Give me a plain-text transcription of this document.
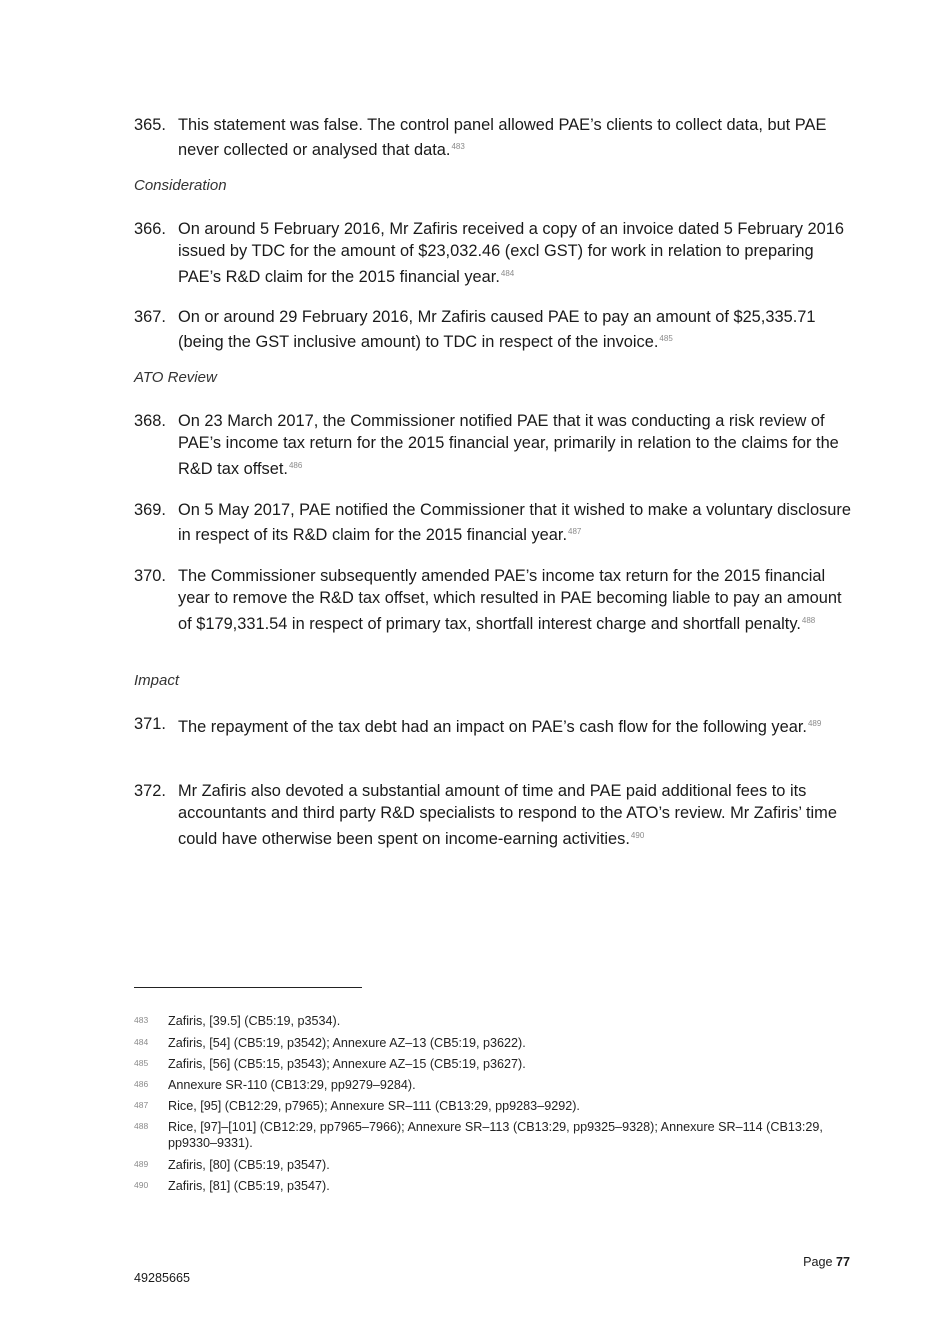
365. This statement was false. The control panel allowed PAE’s clients to collect data, but PAE never collected or analysed that data.$^{483}$
Consideration
366. On around 5 February 2016, Mr Zafiris received a copy of an invoice dated 5 February 2016 issued by TDC for the amount of $23,032.46 (excl GST) for work in relation to preparing PAE’s R&D claim for the 2015 financial year.$^{484}$
367. On or around 29 February 2016, Mr Zafiris caused PAE to pay an amount of $25,335.71 (being the GST inclusive amount) to TDC in respect of the invoice.$^{485}$
ATO Review
368. On 23 March 2017, the Commissioner notified PAE that it was conducting a risk review of PAE’s income tax return for the 2015 financial year, primarily in relation to the claims for the R&D tax offset.$^{486}$
369. On 5 May 2017, PAE notified the Commissioner that it wished to make a voluntary disclosure in respect of its R&D claim for the 2015 financial year.$^{487}$
370. The Commissioner subsequently amended PAE’s income tax return for the 2015 financial year to remove the R&D tax offset, which resulted in PAE becoming liable to pay an amount of $179,331.54 in respect of primary tax, shortfall interest charge and shortfall penalty.$^{488}$
Impact
371. The repayment of the tax debt had an impact on PAE’s cash flow for the following year.$^{489}$
372. Mr Zafiris also devoted a substantial amount of time and PAE paid additional fees to its accountants and third party R&D specialists to respond to the ATO’s review. Mr Zafiris’ time could have otherwise been spent on income-earning activities.$^{490}$
483 Zafiris, [39.5] (CB5:19, p3534).
484 Zafiris, [54] (CB5:19, p3542); Annexure AZ–13 (CB5:19, p3622).
485 Zafiris, [56] (CB5:15, p3543); Annexure AZ–15 (CB5:19, p3627).
486 Annexure SR-110 (CB13:29, pp9279–9284).
487 Rice, [95] (CB12:29, p7965); Annexure SR–111 (CB13:29, pp9283–9292).
488 Rice, [97]–[101] (CB12:29, pp7965–7966); Annexure SR–113 (CB13:29, pp9325–9328); Annexure SR–114 (CB13:29, pp9330–9331).
489 Zafiris, [80] (CB5:19, p3547).
490 Zafiris, [81] (CB5:19, p3547).
Page 77
49285665
